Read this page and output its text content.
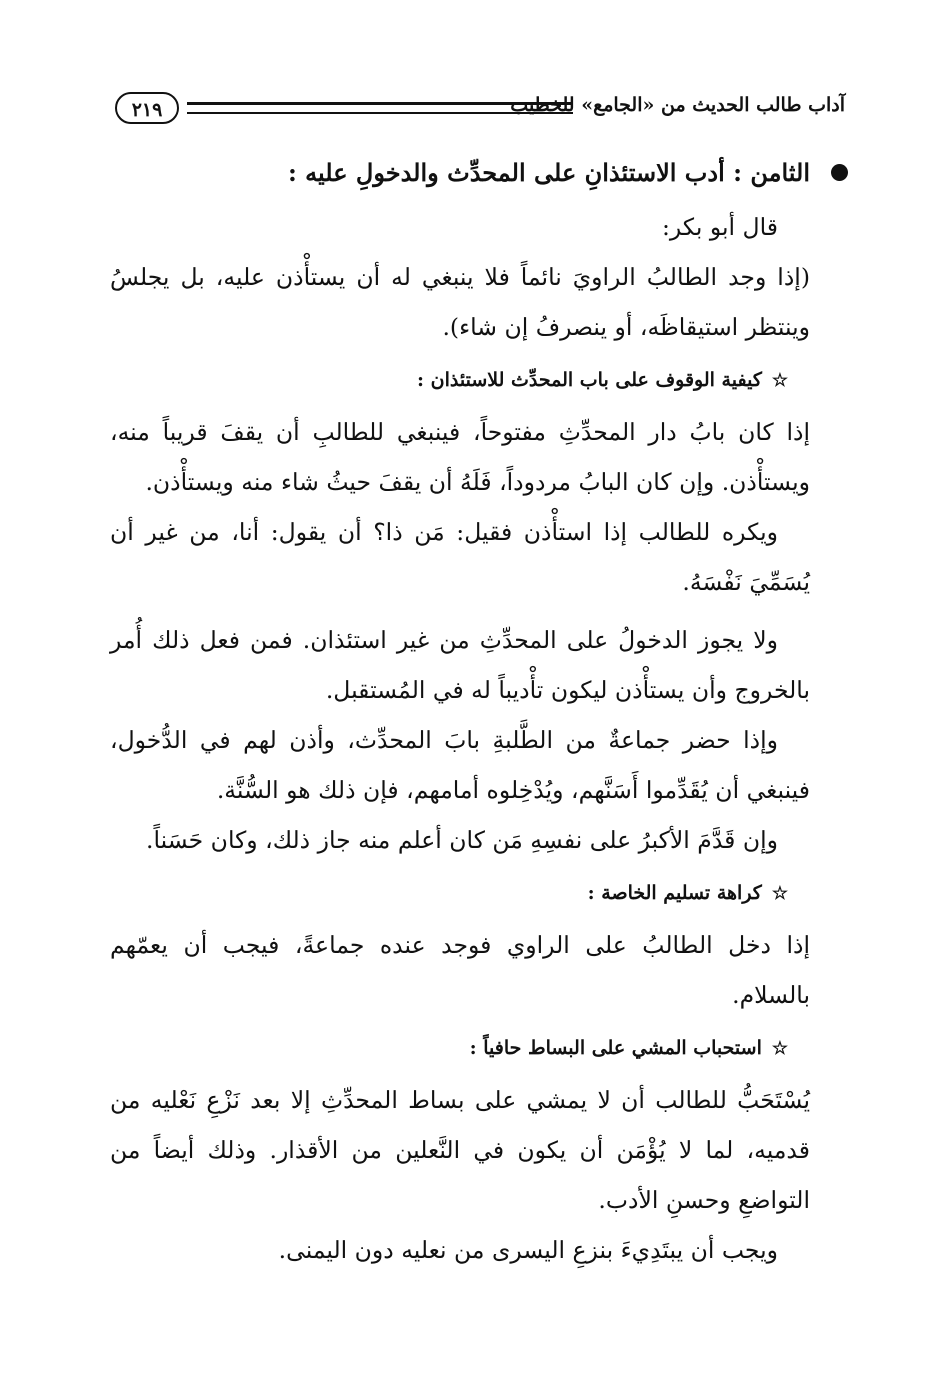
آداب طالب الحديث من «الجامع» للخطيب
٢١٩

الثامن : أدب الاستئذانِ على المحدِّث والدخولِ عليه :

قال أبو بكر:

(إذا وجد الطالبُ الراويَ نائماً فلا ينبغي له أن يستأْذن عليه، بل يجلسُ وينتظر استيقاظَه، أو ينصرفُ إن شاء).

☆كيفية الوقوف على باب المحدِّث للاستئذان :

إذا كان بابُ دار المحدِّثِ مفتوحاً، فينبغي للطالبِ أن يقفَ قريباً منه، ويستأْذن. وإن كان البابُ مردوداً، فَلَهُ أن يقفَ حيثُ شاء منه ويستأْذن.

ويكره للطالب إذا استأْذن فقيل: مَن ذا؟ أن يقول: أنا، من غير أن يُسَمِّيَ نَفْسَهُ.

ولا يجوز الدخولُ على المحدِّثِ من غير استئذان. فمن فعل ذلك أُمر بالخروج وأن يستأْذن ليكون تأْديباً له في المُستقبل.

وإذا حضر جماعةٌ من الطَّلبةِ بابَ المحدِّث، وأذن لهم في الدُّخول، فينبغي أن يُقَدِّموا أَسَنَّهم، ويُدْخِلوه أمامهم، فإن ذلك هو السُّنَّة.

وإن قَدَّمَ الأكبرُ على نفسِهِ مَن كان أعلم منه جاز ذلك، وكان حَسَناً.

☆كراهة تسليم الخاصة :

إذا دخل الطالبُ على الراوي فوجد عنده جماعةً، فيجب أن يعمّهم بالسلام.

☆استحباب المشي على البساط حافياً :

يُسْتَحَبُّ للطالب أن لا يمشي على بساط المحدِّثِ إلا بعد نَزْعِ نَعْليه من قدميه، لما لا يُؤْمَن أن يكون في النَّعلين من الأقذار. وذلك أيضاً من التواضعِ وحسنِ الأدب.

ويجب أن يبتَدِيءَ بنزعِ اليسرى من نعليه دون اليمنى.
